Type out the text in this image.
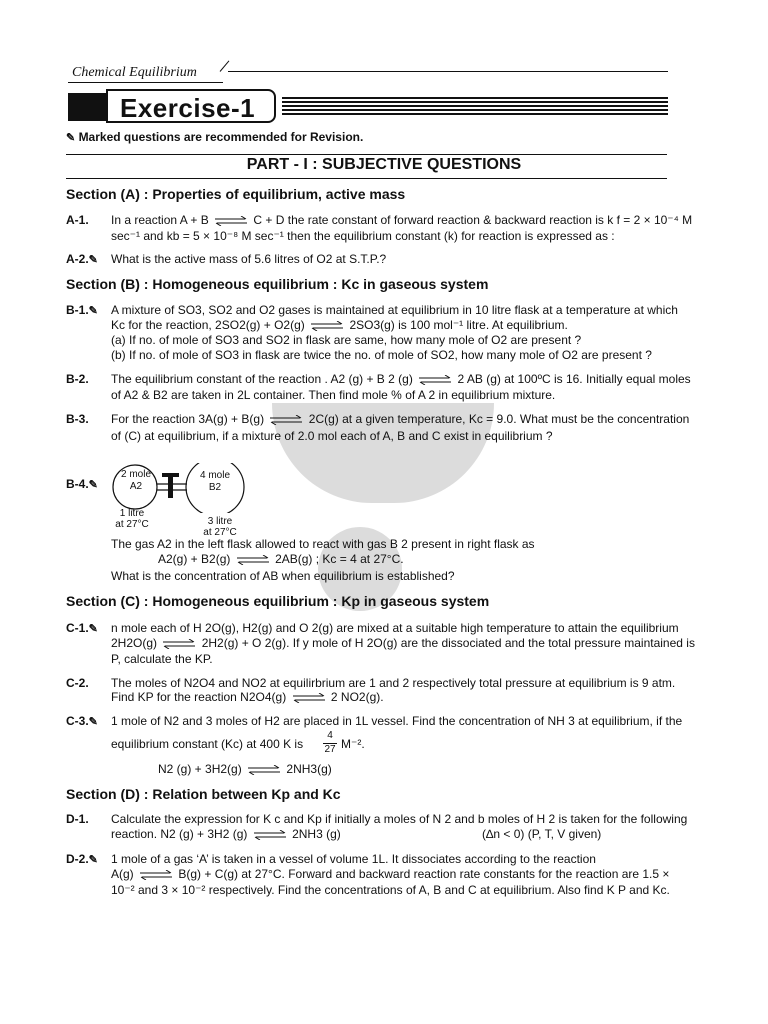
Chemical Equilibrium
Exercise-1
✎ Marked questions are recommended for Revision.
PART - I : SUBJECTIVE QUESTIONS
Section (A) : Properties of equilibrium, active mass
A-1. In a reaction A + B ⇌ C + D the rate constant of forward reaction & backward reaction is k f = 2 × 10⁻⁴ M
sec⁻¹ and kb = 5 × 10⁻⁸ M sec⁻¹ then the equilibrium constant (k) for reaction is expressed as :
A-2.✎ What is the active mass of 5.6 litres of O2 at S.T.P.?
Section (B) : Homogeneous equilibrium : Kc in gaseous system
B-1.✎ A mixture of SO3, SO2 and O2 gases is maintained at equilibrium in 10 litre flask at a temperature at which
Kc for the reaction, 2SO2(g) + O2(g) ⇌ 2SO3(g) is 100 mol⁻¹ litre. At equilibrium.
(a) If no. of mole of SO3 and SO2 in flask are same, how many mole of O2 are present ?
(b) If no. of mole of SO3 in flask are twice the no. of mole of SO2, how many mole of O2 are present ?
B-2. The equilibrium constant of the reaction . A2 (g) + B 2 (g) ⇌ 2 AB (g) at 100ºC is 16. Initially equal moles
of A2 & B2 are taken in 2L container. Then find mole % of A 2 in equilibrium mixture.
B-3. For the reaction 3A(g) + B(g) ⇌ 2C(g) at a given temperature, Kc = 9.0. What must be the concentration
of (C) at equilibrium, if a mixture of 2.0 mol each of A, B and C exist in equilibrium ?
B-4.✎
2 mole
A2
4 mole
B2
1 litre
at 27°C	3 litre
at 27°C
The gas A2 in the left flask allowed to react with gas B 2 present in right flask as
A2(g) + B2(g) ⇌ 2AB(g) ; Kc = 4 at 27°C.
What is the concentration of AB when equilibrium is established?
Section (C) : Homogeneous equilibrium : Kp in gaseous system
C-1.✎ n mole each of H 2O(g), H2(g) and O 2(g) are mixed at a suitable high temperature to attain the equilibrium
2H2O(g) ⇌ 2H2(g) + O 2(g). If y mole of H 2O(g) are the dissociated and the total pressure maintained is
P, calculate the KP.
C-2. The moles of N2O4 and NO2 at equilirbrium are 1 and 2 respectively total pressure at equilibrium is 9 atm.
Find KP for the reaction N2O4(g) ⇌ 2 NO2(g).
C-3.✎ 1 mole of N2 and 3 moles of H2 are placed in 1L vessel. Find the concentration of NH 3 at equilibrium, if the
equilibrium constant (Kc) at 400 K is
4
27 M⁻².
N2 (g) + 3H2(g) ⇌ 2NH3(g)
Section (D) : Relation between Kp and Kc
D-1. Calculate the expression for K c and Kp if initially a moles of N 2 and b moles of H 2 is taken for the following
reaction. N2 (g) + 3H2 (g) ⇌ 2NH3 (g)	(∆n < 0) (P, T, V given)
D-2.✎ 1 mole of a gas ‘A’ is taken in a vessel of volume 1L. It dissociates according to the reaction
A(g) ⇌ B(g) + C(g) at 27°C. Forward and backward reaction rate constants for the reaction are 1.5 ×
10⁻² and 3 × 10⁻² respectively. Find the concentrations of A, B and C at equilibrium. Also find K P and Kc.
